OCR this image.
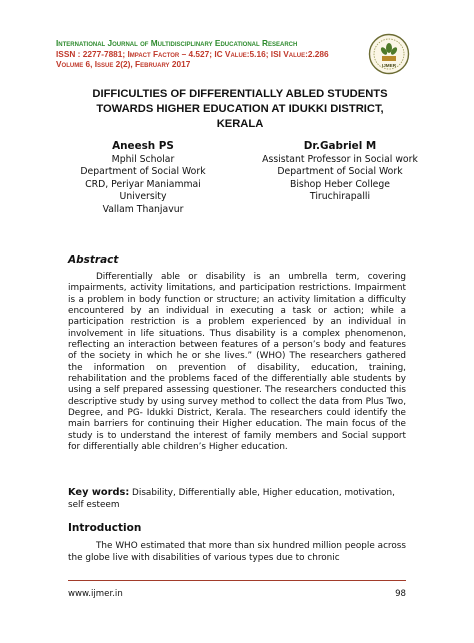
International Journal of Multidisciplinary Educational Research
ISSN : 2277-7881; Impact Factor – 4.527; IC Value:5.16; ISI Value:2.286
Volume 6, Issue 2(2), February 2017	IJMER
DIFFICULTIES OF DIFFERENTIALLY ABLED STUDENTS
TOWARDS HIGHER EDUCATION AT IDUKKI DISTRICT,
KERALA
Aneesh PS
Mphil Scholar
Department of Social Work
CRD, Periyar Maniammai
University
Vallam Thanjavur
Dr.Gabriel M
Assistant Professor in Social work
Department of Social Work
Bishop Heber College
Tiruchirapalli
Abstract
Differentially able or disability is an umbrella term, covering impairments, activity limitations, and participation restrictions. Impairment is a problem in body function or structure; an activity limitation a difficulty encountered by an individual in executing a task or action; while a participation restriction is a problem experienced by an individual in involvement in life situations. Thus disability is a complex phenomenon, reflecting an interaction between features of a person’s body and features of the society in which he or she lives.” (WHO) The researchers gathered the information on prevention of disability, education, training, rehabilitation and the problems faced of the differentially able students by using a self prepared assessing questioner. The researchers conducted this descriptive study by using survey method to collect the data from Plus Two, Degree, and PG- Idukki District, Kerala. The researchers could identify the main barriers for continuing their Higher education. The main focus of the study is to understand the interest of family members and Social support for differentially able children’s Higher education.
Key words: Disability, Differentially able, Higher education, motivation, self esteem
Introduction
The WHO estimated that more than six hundred million people across the globe live with disabilities of various types due to chronic
www.ijmer.in	98
